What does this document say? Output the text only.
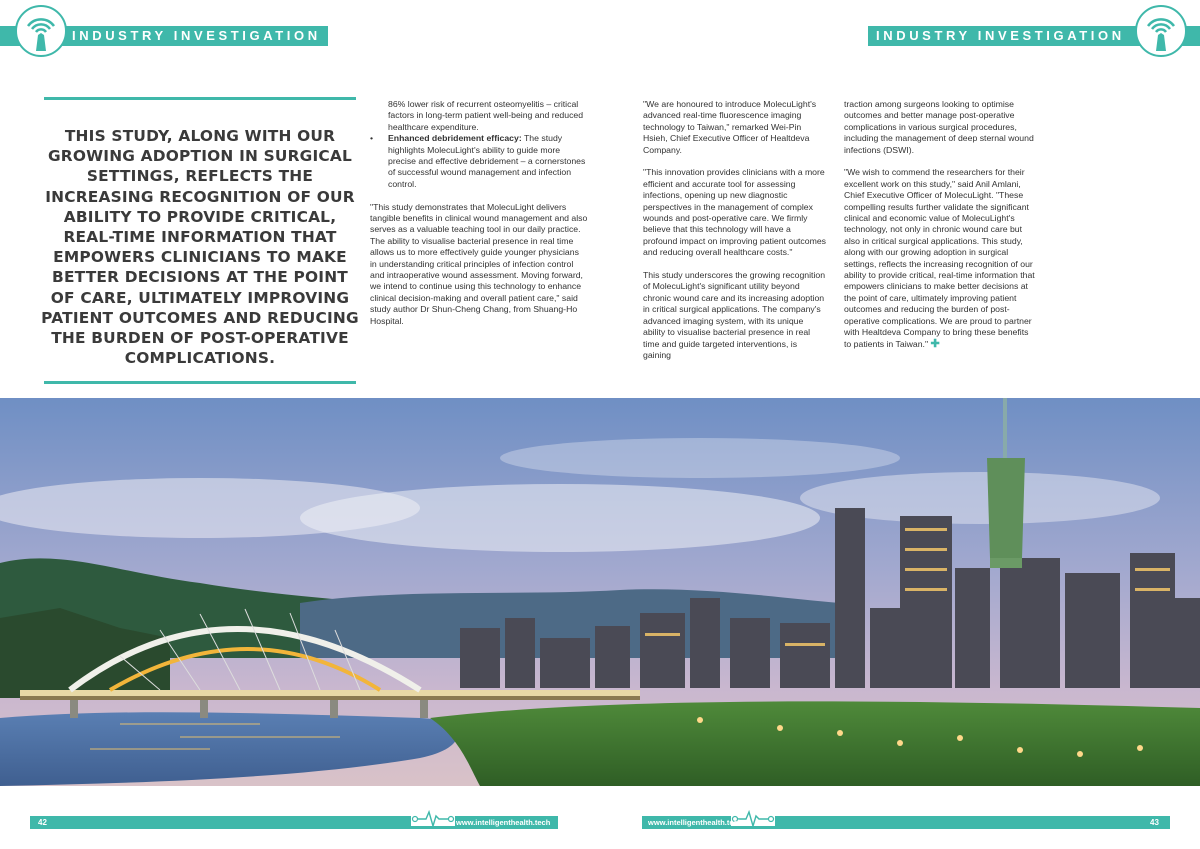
INDUSTRY INVESTIGATION	INDUSTRY INVESTIGATION
THIS STUDY, ALONG WITH OUR GROWING ADOPTION IN SURGICAL SETTINGS, REFLECTS THE INCREASING RECOGNITION OF OUR ABILITY TO PROVIDE CRITICAL, REAL-TIME INFORMATION THAT EMPOWERS CLINICIANS TO MAKE BETTER DECISIONS AT THE POINT OF CARE, ULTIMATELY IMPROVING PATIENT OUTCOMES AND REDUCING THE BURDEN OF POST-OPERATIVE COMPLICATIONS.

86% lower risk of recurrent osteomyelitis – critical factors in long-term patient well-being and reduced healthcare expenditure.

• Enhanced debridement efficacy: The study highlights MolecuLight's ability to guide more precise and effective debridement – a cornerstones of successful wound management and infection control.

"This study demonstrates that MolecuLight delivers tangible benefits in clinical wound management and also serves as a valuable teaching tool in our daily practice. The ability to visualise bacterial presence in real time allows us to more effectively guide younger physicians in understanding critical principles of infection control and intraoperative wound assessment. Moving forward, we intend to continue using this technology to enhance clinical decision-making and overall patient care," said study author Dr Shun-Cheng Chang, from Shuang-Ho Hospital.

"We are honoured to introduce MolecuLight's advanced real-time fluorescence imaging technology to Taiwan," remarked Wei-Pin Hsieh, Chief Executive Officer of Healtdeva Company.

"This innovation provides clinicians with a more efficient and accurate tool for assessing infections, opening up new diagnostic perspectives in the management of complex wounds and post-operative care. We firmly believe that this technology will have a profound impact on improving patient outcomes and reducing overall healthcare costs."

This study underscores the growing recognition of MolecuLight's significant utility beyond chronic wound care and its increasing adoption in critical surgical applications. The company's advanced imaging system, with its unique ability to visualise bacterial presence in real time and guide targeted interventions, is gaining

traction among surgeons looking to optimise outcomes and better manage post-operative complications in various surgical procedures, including the management of deep sternal wound infections (DSWI).

"We wish to commend the researchers for their excellent work on this study," said Anil Amlani, Chief Executive Officer of MolecuLight. "These compelling results further validate the significant clinical and economic value of MolecuLight's technology, not only in chronic wound care but also in critical surgical applications. This study, along with our growing adoption in surgical settings, reflects the increasing recognition of our ability to provide critical, real-time information that empowers clinicians to make better decisions at the point of care, ultimately improving patient outcomes and reducing the burden of post-operative complications. We are proud to partner with Healtdeva Company to bring these benefits to patients in Taiwan." ✚

42	43
www.intelligenthealth.tech	www.intelligenthealth.tech
